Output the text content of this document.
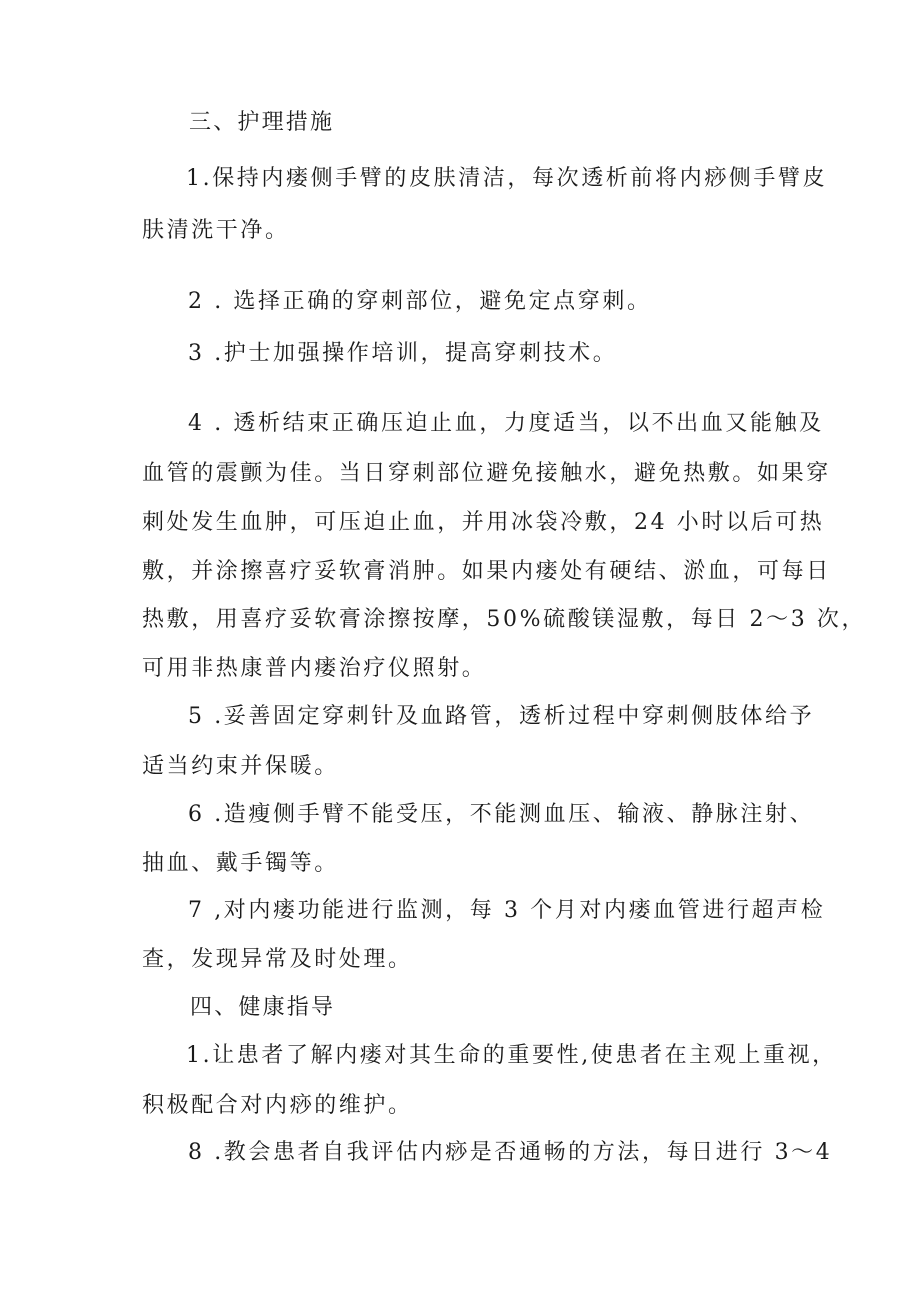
三、护理措施
1.保持内瘘侧手臂的皮肤清洁，每次透析前将内痧侧手臂皮
肤清洗干净。
2 . 选择正确的穿刺部位，避免定点穿刺。
3 .护士加强操作培训，提高穿刺技术。
4 . 透析结束正确压迫止血，力度适当，以不出血又能触及
血管的震颤为佳。当日穿刺部位避免接触水，避免热敷。如果穿
刺处发生血肿，可压迫止血，并用冰袋冷敷，24 小时以后可热
敷，并涂擦喜疗妥软膏消肿。如果内瘘处有硬结、淤血，可每日
热敷，用喜疗妥软膏涂擦按摩，50%硫酸镁湿敷，每日 2～3 次，
可用非热康普内瘘治疗仪照射。
5 .妥善固定穿刺针及血路管，透析过程中穿刺侧肢体给予
适当约束并保暖。
6 .造瘦侧手臂不能受压，不能测血压、输液、静脉注射、
抽血、戴手镯等。
7 ,对内瘘功能进行监测，每 3 个月对内瘘血管进行超声检
查，发现异常及时处理。
四、健康指导
1.让患者了解内瘘对其生命的重要性,使患者在主观上重视，
积极配合对内痧的维护。
8 .教会患者自我评估内痧是否通畅的方法，每日进行 3～4
